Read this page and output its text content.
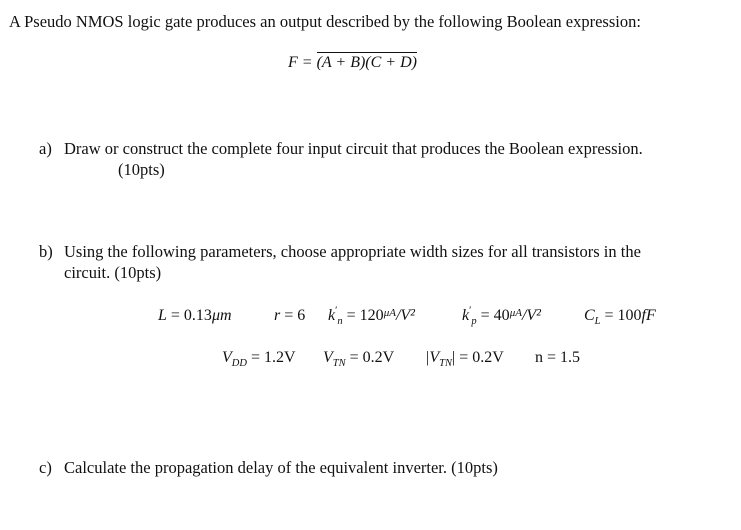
A Pseudo NMOS logic gate produces an output described by the following Boolean expression:
F = (A + B)(C + D)
a) Draw or construct the complete four input circuit that produces the Boolean expression.
(10pts)
b) Using the following parameters, choose appropriate width sizes for all transistors in the
circuit. (10pts)
L = 0.13μm	r = 6 $k'_n = 120^{\mu A}/V^2$	$k'_p = 40^{\mu A}/V^2$	$C_L = 100fF$
$V_{DD} = 1.2V$ $V_{TN} = 0.2V$ $|V_{TN}| = 0.2V$ n = 1.5
c) Calculate the propagation delay of the equivalent inverter. (10pts)
